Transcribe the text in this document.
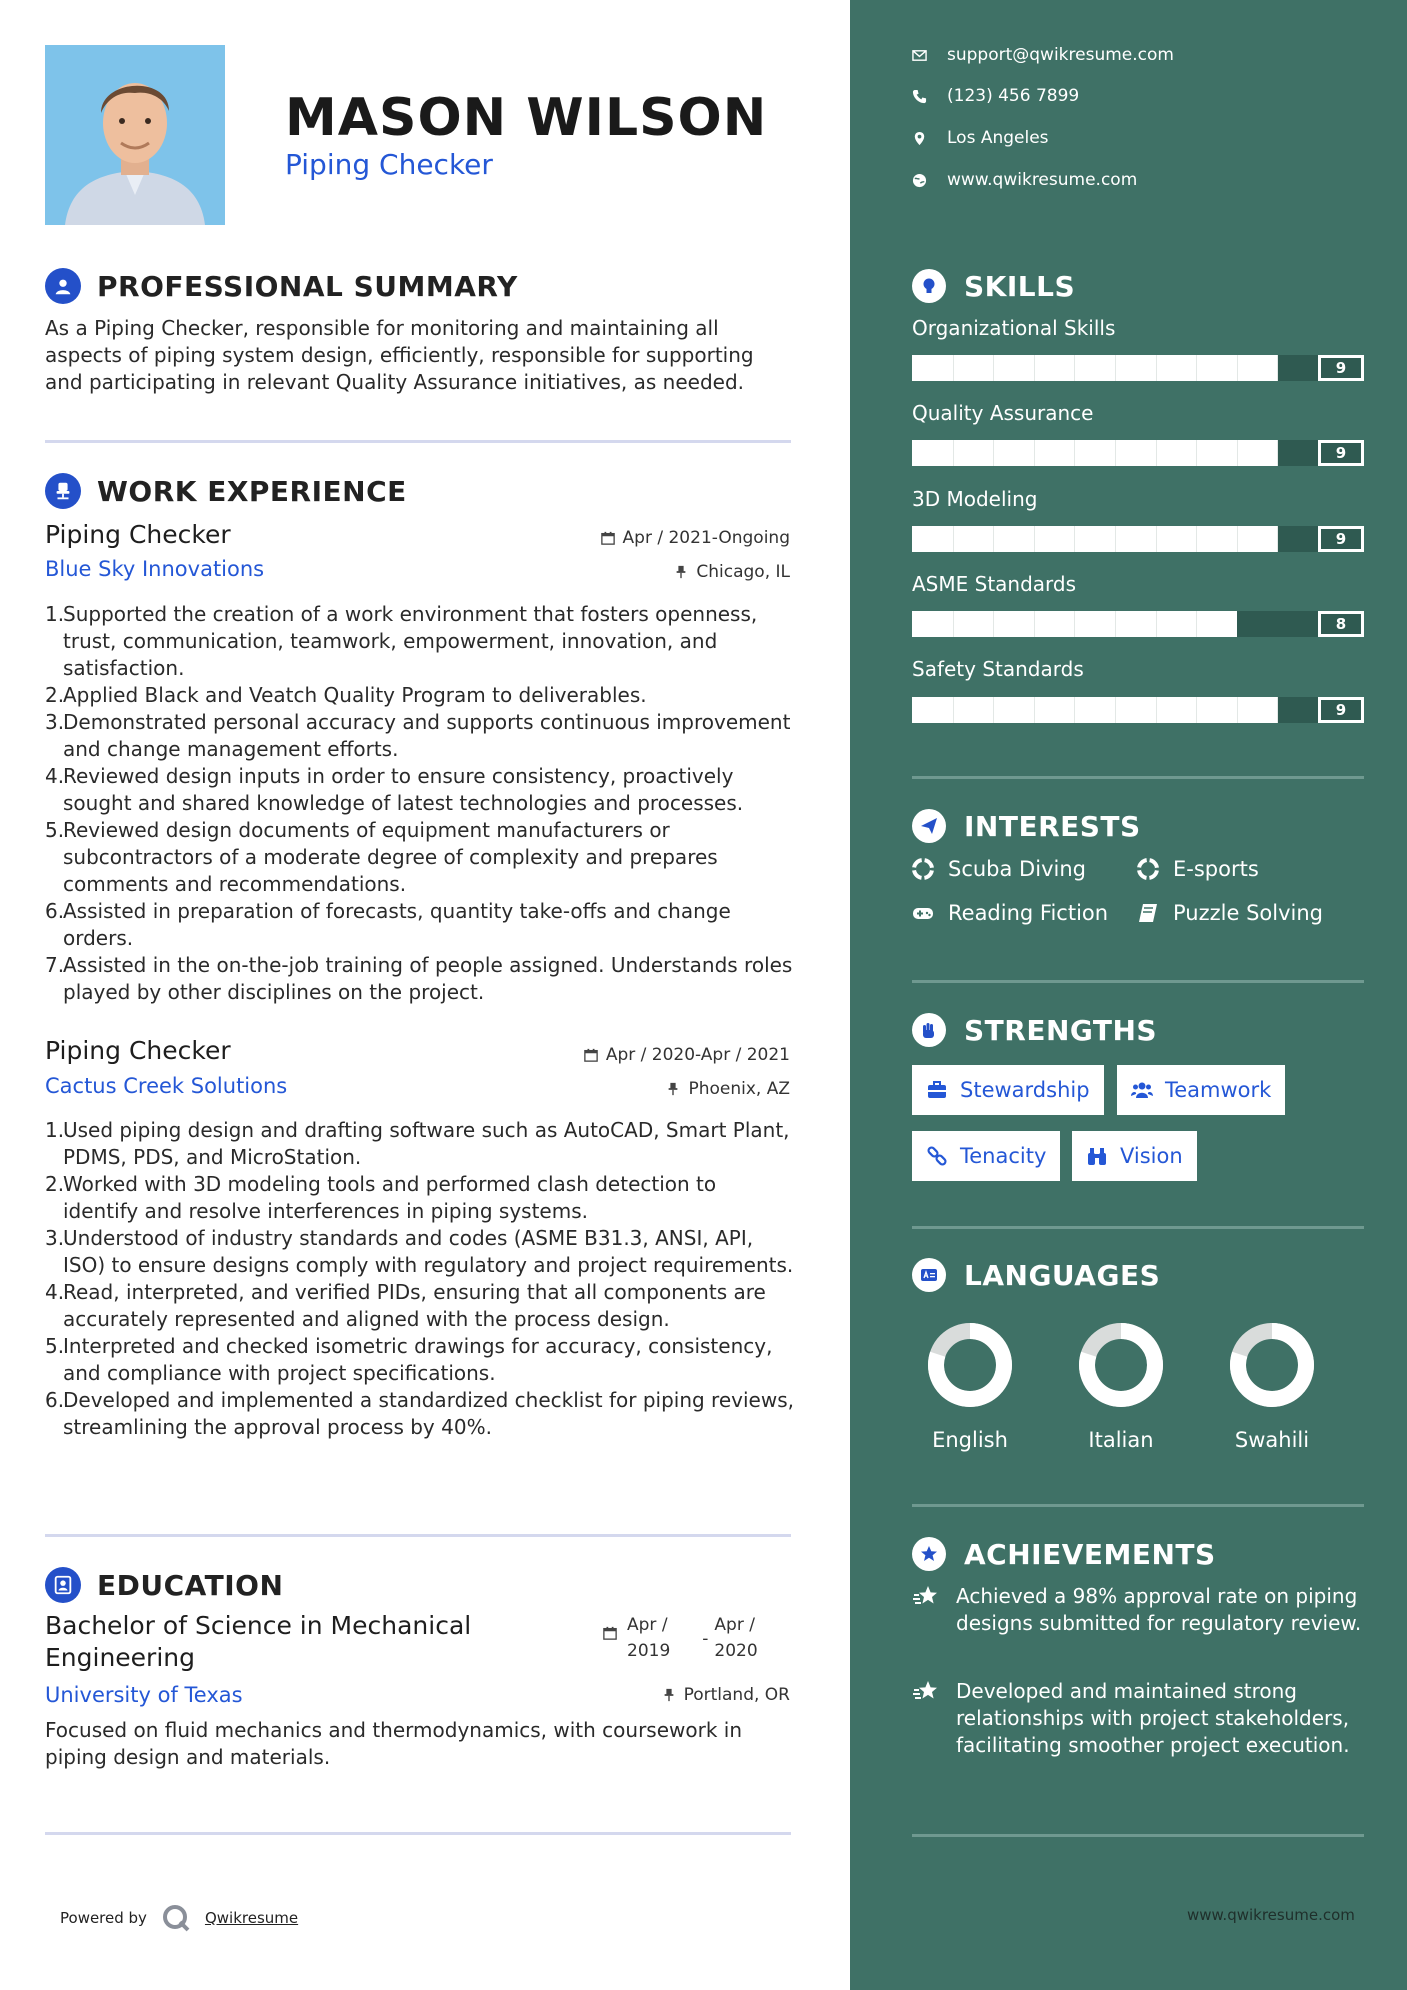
MASON WILSON
Piping Checker
PROFESSIONAL SUMMARY
As a Piping Checker, responsible for monitoring and maintaining all aspects of piping system design, efficiently, responsible for supporting and participating in relevant Quality Assurance initiatives, as needed.
WORK EXPERIENCE
Piping Checker	Apr / 2021-Ongoing
Blue Sky Innovations	Chicago, IL
1.
Supported the creation of a work environment that fosters openness, trust, communication, teamwork, empowerment, innovation, and satisfaction.
2.
Applied Black and Veatch Quality Program to deliverables.
3.
Demonstrated personal accuracy and supports continuous improvement and change management efforts.
4.
Reviewed design inputs in order to ensure consistency, proactively sought and shared knowledge of latest technologies and processes.
5.
Reviewed design documents of equipment manufacturers or subcontractors of a moderate degree of complexity and prepares comments and recommendations.
6.
Assisted in preparation of forecasts, quantity take-offs and change orders.
7.
Assisted in the on-the-job training of people assigned. Understands roles played by other disciplines on the project.
Piping Checker	Apr / 2020-Apr / 2021
Cactus Creek Solutions	Phoenix, AZ
1.
Used piping design and drafting software such as AutoCAD, Smart Plant, PDMS, PDS, and MicroStation.
2.
Worked with 3D modeling tools and performed clash detection to identify and resolve interferences in piping systems.
3.
Understood of industry standards and codes (ASME B31.3, ANSI, API, ISO) to ensure designs comply with regulatory and project requirements.
4.
Read, interpreted, and verified PIDs, ensuring that all components are accurately represented and aligned with the process design.
5.
Interpreted and checked isometric drawings for accuracy, consistency, and compliance with project specifications.
6.
Developed and implemented a standardized checklist for piping reviews, streamlining the approval process by 40%.
EDUCATION
Bachelor of Science in Mechanical Engineering
Apr /
2019
-
Apr /
2020
University of Texas	Portland, OR
Focused on fluid mechanics and thermodynamics, with coursework in piping design and materials.
Powered by	Qwikresume
support@qwikresume.com
(123) 456 7899
Los Angeles
www.qwikresume.com
SKILLS
Organizational Skills
9
Quality Assurance
9
3D Modeling
9
ASME Standards
8
Safety Standards
9
INTERESTS
Scuba Diving	E-sports
Reading Fiction	Puzzle Solving
STRENGTHS
Stewardship	Teamwork
Tenacity	Vision
LANGUAGES
English	Italian	Swahili
ACHIEVEMENTS
Achieved a 98% approval rate on piping designs submitted for regulatory review.
Developed and maintained strong relationships with project stakeholders, facilitating smoother project execution.
www.qwikresume.com
